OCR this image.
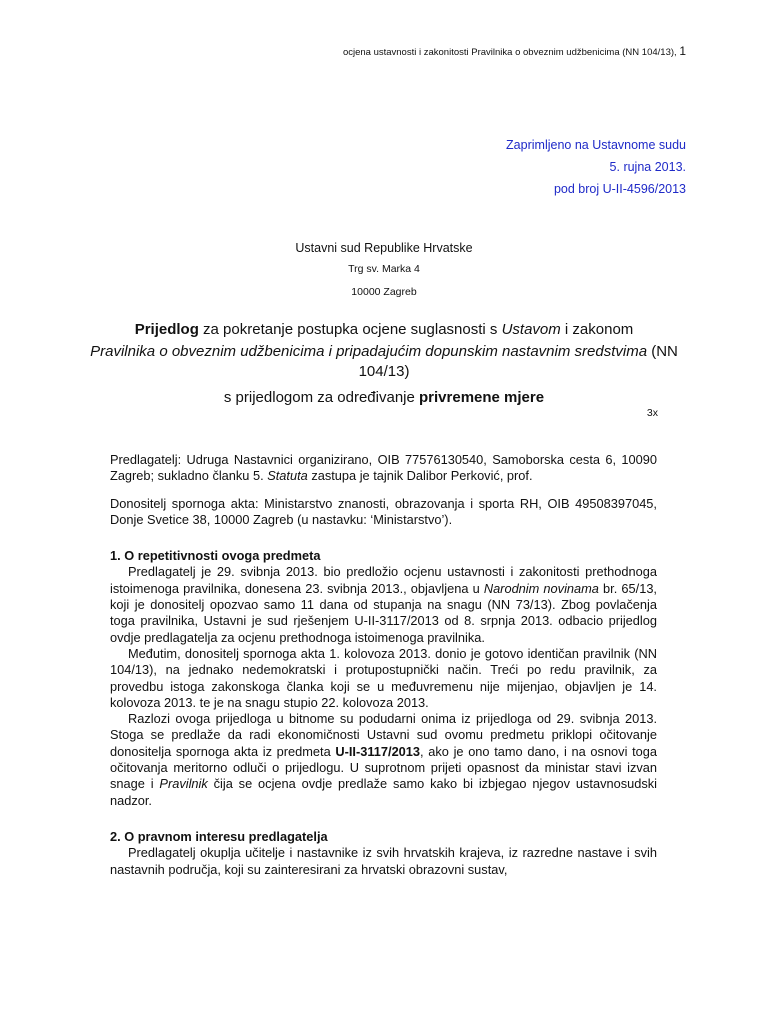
ocjena ustavnosti i zakonitosti Pravilnika o obveznim udžbenicima (NN 104/13), 1
Zaprimljeno na Ustavnome sudu
5. rujna 2013.
pod broj U-II-4596/2013
Ustavni sud Republike Hrvatske
Trg sv. Marka 4
10000 Zagreb
Prijedlog za pokretanje postupka ocjene suglasnosti s Ustavom i zakonom
Pravilnika o obveznim udžbenicima i pripadajućim dopunskim nastavnim sredstvima (NN 104/13)
s prijedlogom za određivanje privremene mjere
3x

Predlagatelj: Udruga Nastavnici organizirano, OIB 77576130540, Samoborska cesta 6, 10090 Zagreb; sukladno članku 5. Statuta zastupa je tajnik Dalibor Perković, prof.

Donositelj spornoga akta: Ministarstvo znanosti, obrazovanja i sporta RH, OIB 49508397045, Donje Svetice 38, 10000 Zagreb (u nastavku: ‘Ministarstvo’).

1. O repetitivnosti ovoga predmeta

Predlagatelj je 29. svibnja 2013. bio predložio ocjenu ustavnosti i zakonitosti prethodnoga istoimenoga pravilnika, donesena 23. svibnja 2013., objavljena u Narodnim novinama br. 65/13, koji je donositelj opozvao samo 11 dana od stupanja na snagu (NN 73/13). Zbog povlačenja toga pravilnika, Ustavni je sud rješenjem U-II-3117/2013 od 8. srpnja 2013. odbacio prijedlog ovdje predlagatelja za ocjenu prethodnoga istoimenoga pravilnika.

Međutim, donositelj spornoga akta 1. kolovoza 2013. donio je gotovo identičan pravilnik (NN 104/13), na jednako nedemokratski i protupostupnički način. Treći po redu pravilnik, za provedbu istoga zakonskoga članka koji se u međuvremenu nije mijenjao, objavljen je 14. kolovoza 2013. te je na snagu stupio 22. kolovoza 2013.

Razlozi ovoga prijedloga u bitnome su podudarni onima iz prijedloga od 29. svibnja 2013. Stoga se predlaže da radi ekonomičnosti Ustavni sud ovomu predmetu priklopi očitovanje donositelja spornoga akta iz predmeta U-II-3117/2013, ako je ono tamo dano, i na osnovi toga očitovanja meritorno odluči o prijedlogu. U suprotnom prijeti opasnost da ministar stavi izvan snage i Pravilnik čija se ocjena ovdje predlaže samo kako bi izbjegao njegov ustavnosudski nadzor.

2. O pravnom interesu predlagatelja

Predlagatelj okuplja učitelje i nastavnike iz svih hrvatskih krajeva, iz razredne nastave i svih nastavnih područja, koji su zainteresirani za hrvatski obrazovni sustav,
